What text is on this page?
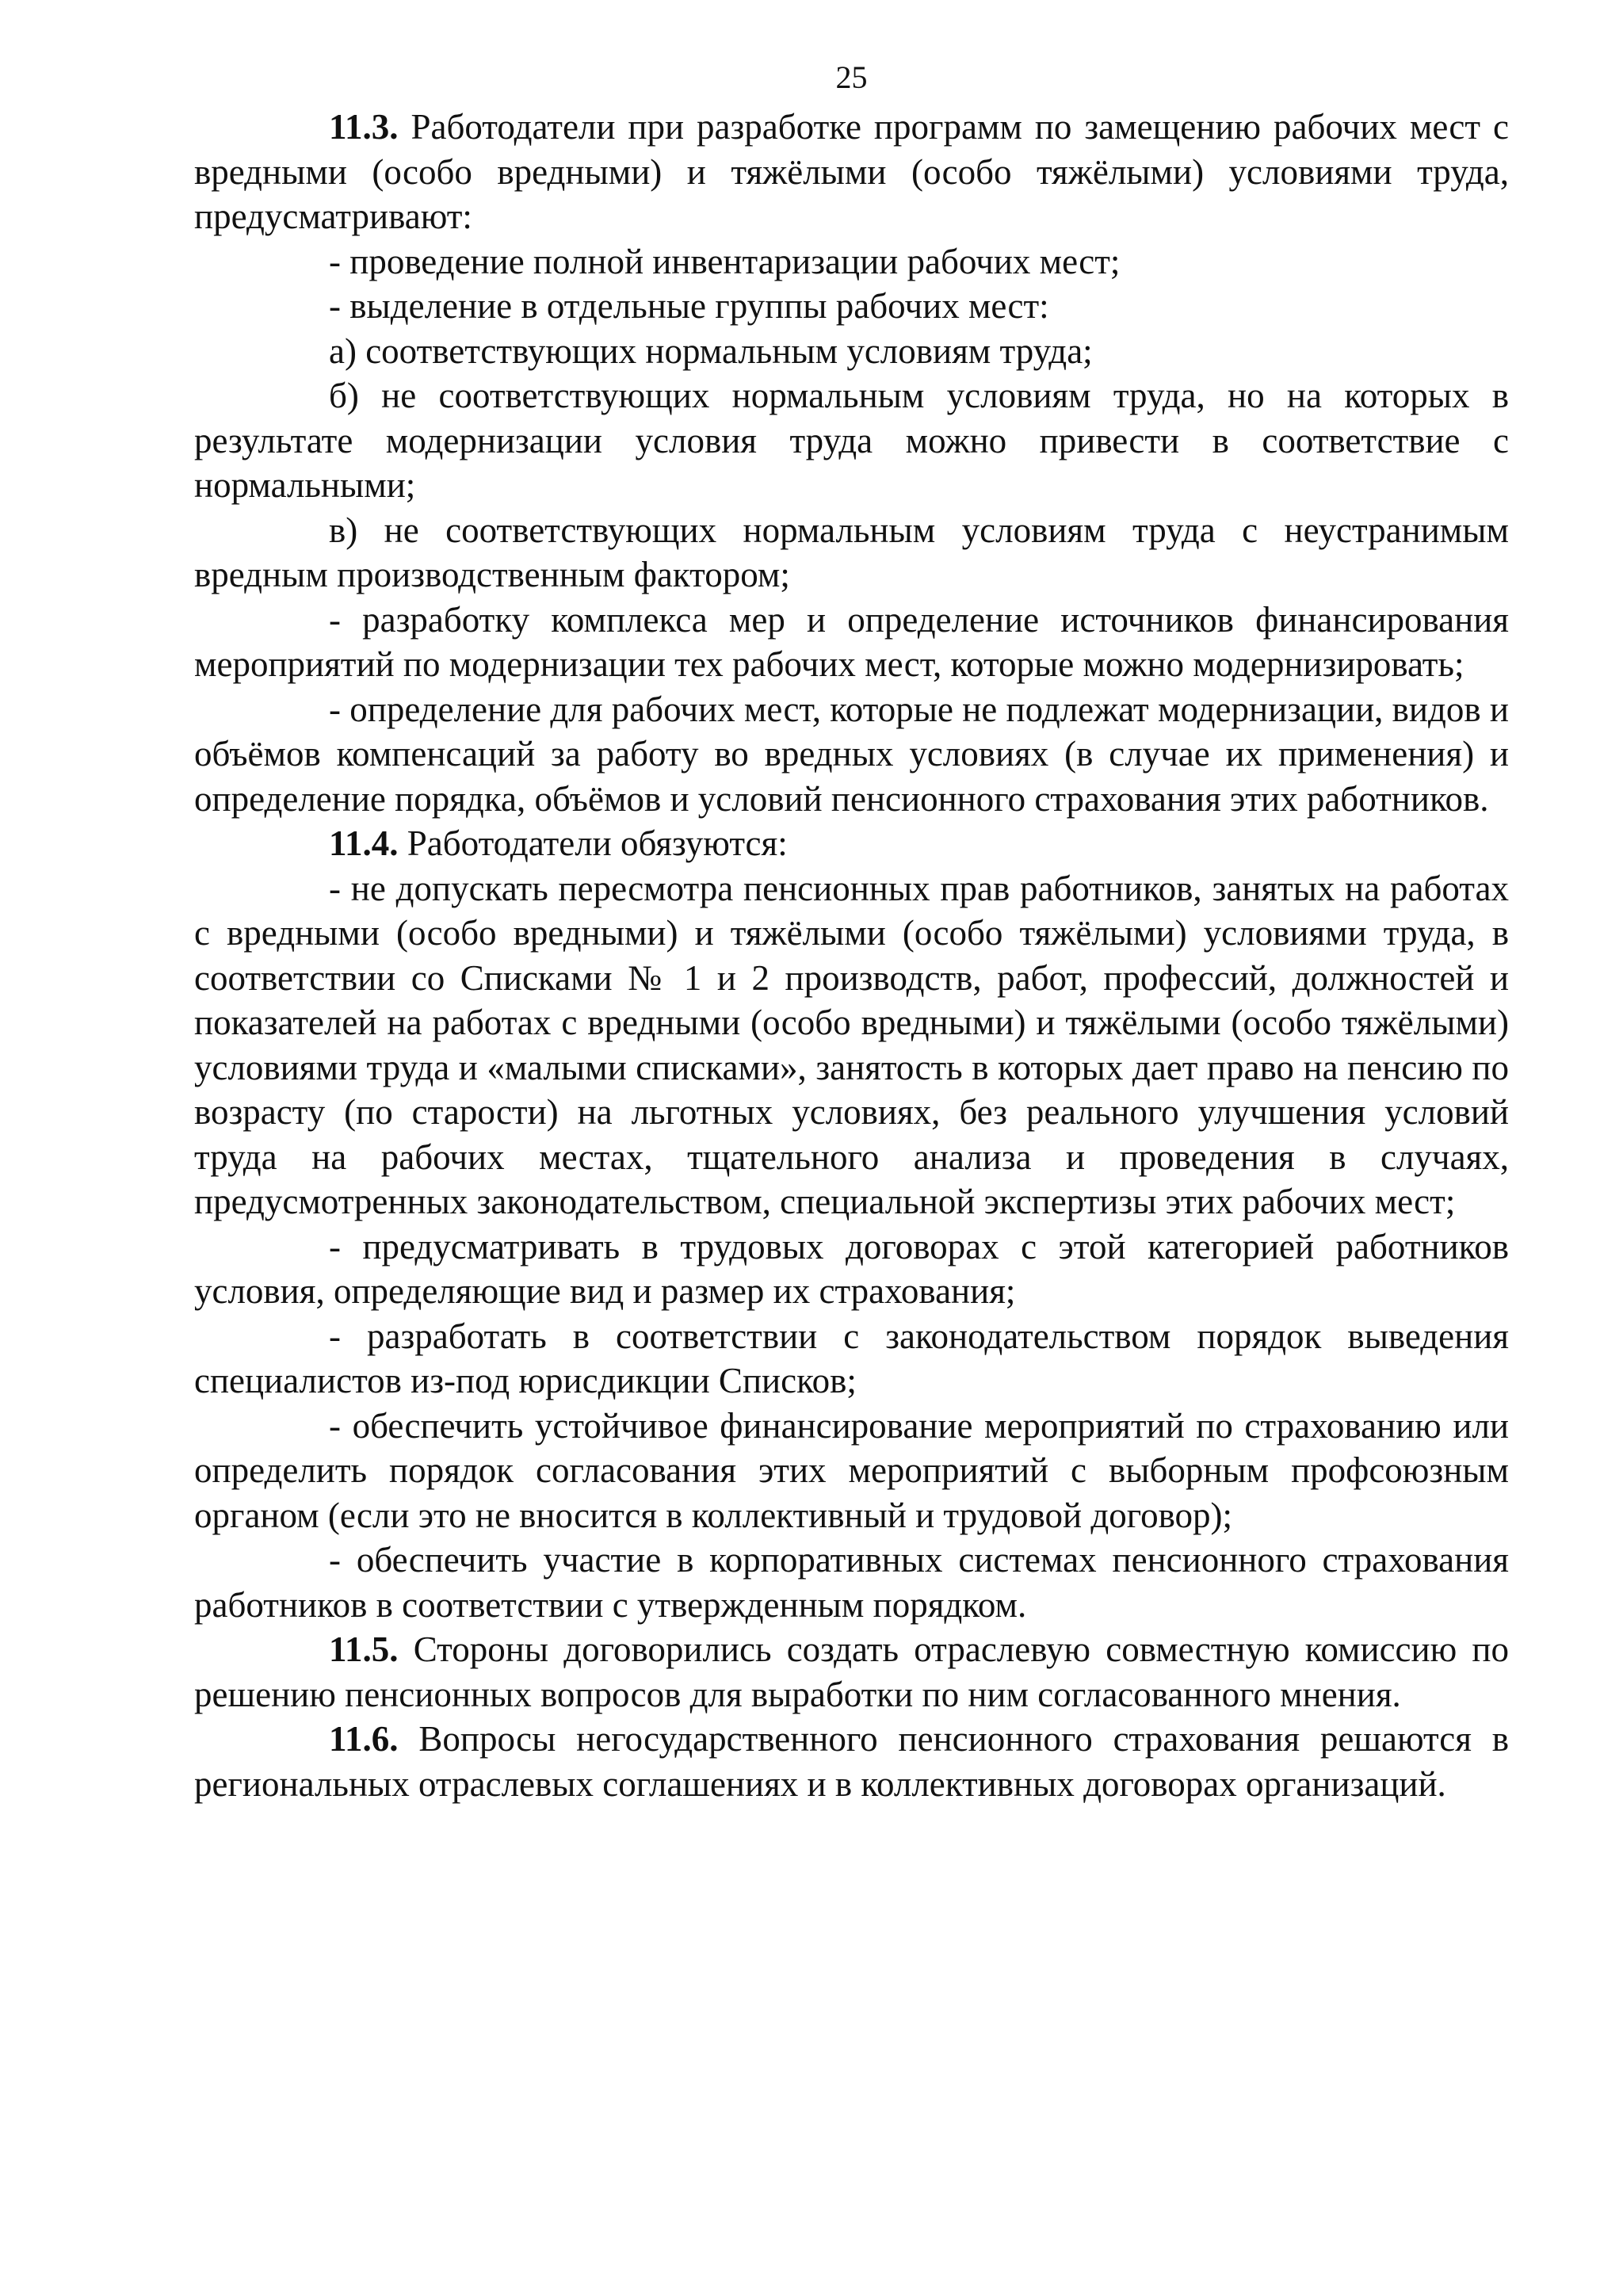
25

11.3. Работодатели при разработке программ по замещению рабочих мест с вредными (особо вредными) и тяжёлыми (особо тяжёлыми) условиями труда, предусматривают:

- проведение полной инвентаризации рабочих мест;

- выделение в отдельные группы рабочих мест:

а) соответствующих нормальным условиям труда;

б) не соответствующих нормальным условиям труда, но на которых в результате модернизации условия труда можно привести в соответствие с нормальными;

в) не соответствующих нормальным условиям труда с неустранимым вредным производственным фактором;

- разработку комплекса мер и определение источников финансирования мероприятий по модернизации тех рабочих мест, которые можно модернизировать;

- определение для рабочих мест, которые не подлежат модернизации, видов и объёмов компенсаций за работу во вредных условиях (в случае их применения) и определение порядка, объёмов и условий пенсионного страхования этих работников.

11.4. Работодатели обязуются:

- не допускать пересмотра пенсионных прав работников, занятых на работах с вредными (особо вредными) и тяжёлыми (особо тяжёлыми) условиями труда, в соответствии со Списками № 1 и 2 производств, работ, профессий, должностей и показателей на работах с вредными (особо вредными) и тяжёлыми (особо тяжёлыми) условиями труда и «малыми списками», занятость в которых дает право на пенсию по возрасту (по старости) на льготных условиях, без реального улучшения условий труда на рабочих местах, тщательного анализа и проведения в случаях, предусмотренных законодательством, специальной экспертизы этих рабочих мест;

- предусматривать в трудовых договорах с этой категорией работников условия, определяющие вид и размер их страхования;

- разработать в соответствии с законодательством порядок выведения специалистов из-под юрисдикции Списков;

- обеспечить устойчивое финансирование мероприятий по страхованию или определить порядок согласования этих мероприятий с выборным профсоюзным органом (если это не вносится в коллективный и трудовой договор);

- обеспечить участие в корпоративных системах пенсионного страхования работников в соответствии с утвержденным порядком.

11.5. Стороны договорились создать отраслевую совместную комиссию по решению пенсионных вопросов для выработки по ним согласованного мнения.

11.6. Вопросы негосударственного пенсионного страхования решаются в региональных отраслевых соглашениях и в коллективных договорах организаций.
